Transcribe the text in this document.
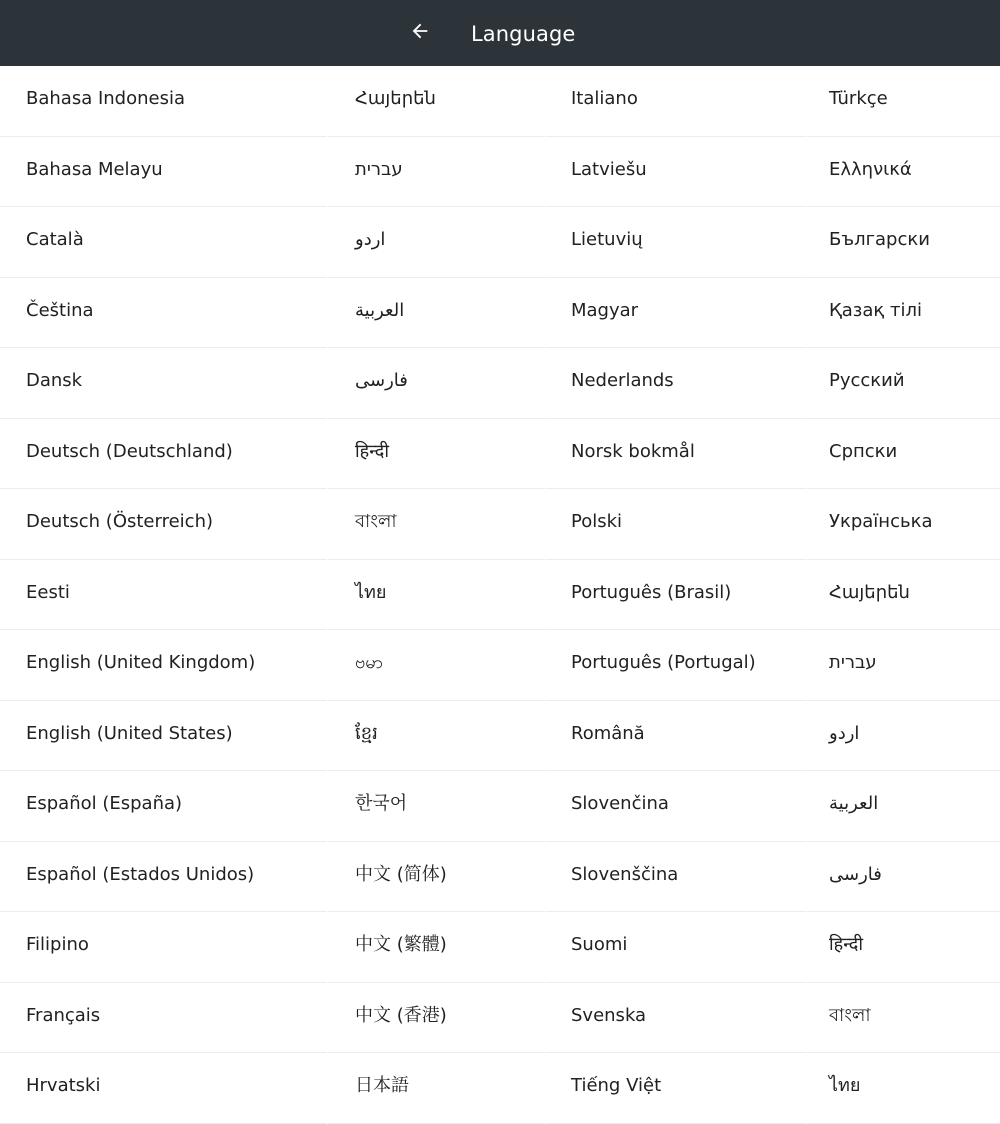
Language
Bahasa Indonesia	Հայերեն	Italiano	Türkçe
Bahasa Melayu	עברית	Latviešu	Ελληνικά
Català	اردو	Lietuvių	Български
Čeština	العربية	Magyar	Қазақ тілі
Dansk	فارسی	Nederlands	Русский
Deutsch (Deutschland)	हिन्दी	Norsk bokmål	Српски
Deutsch (Österreich)	বাংলা	Polski	Українська
Eesti	ไทย	Português (Brasil)	Հայերեն
English (United Kingdom)	ဗမာ	Português (Portugal)	עברית
English (United States)	ខ្មែរ	Română	اردو
Español (España)	한국어	Slovenčina	العربية
Español (Estados Unidos)	中文 (简体)	Slovenščina	فارسی
Filipino	中文 (繁體)	Suomi	हिन्दी
Français	中文 (香港)	Svenska	বাংলা
Hrvatski	日本語	Tiếng Việt	ไทย
